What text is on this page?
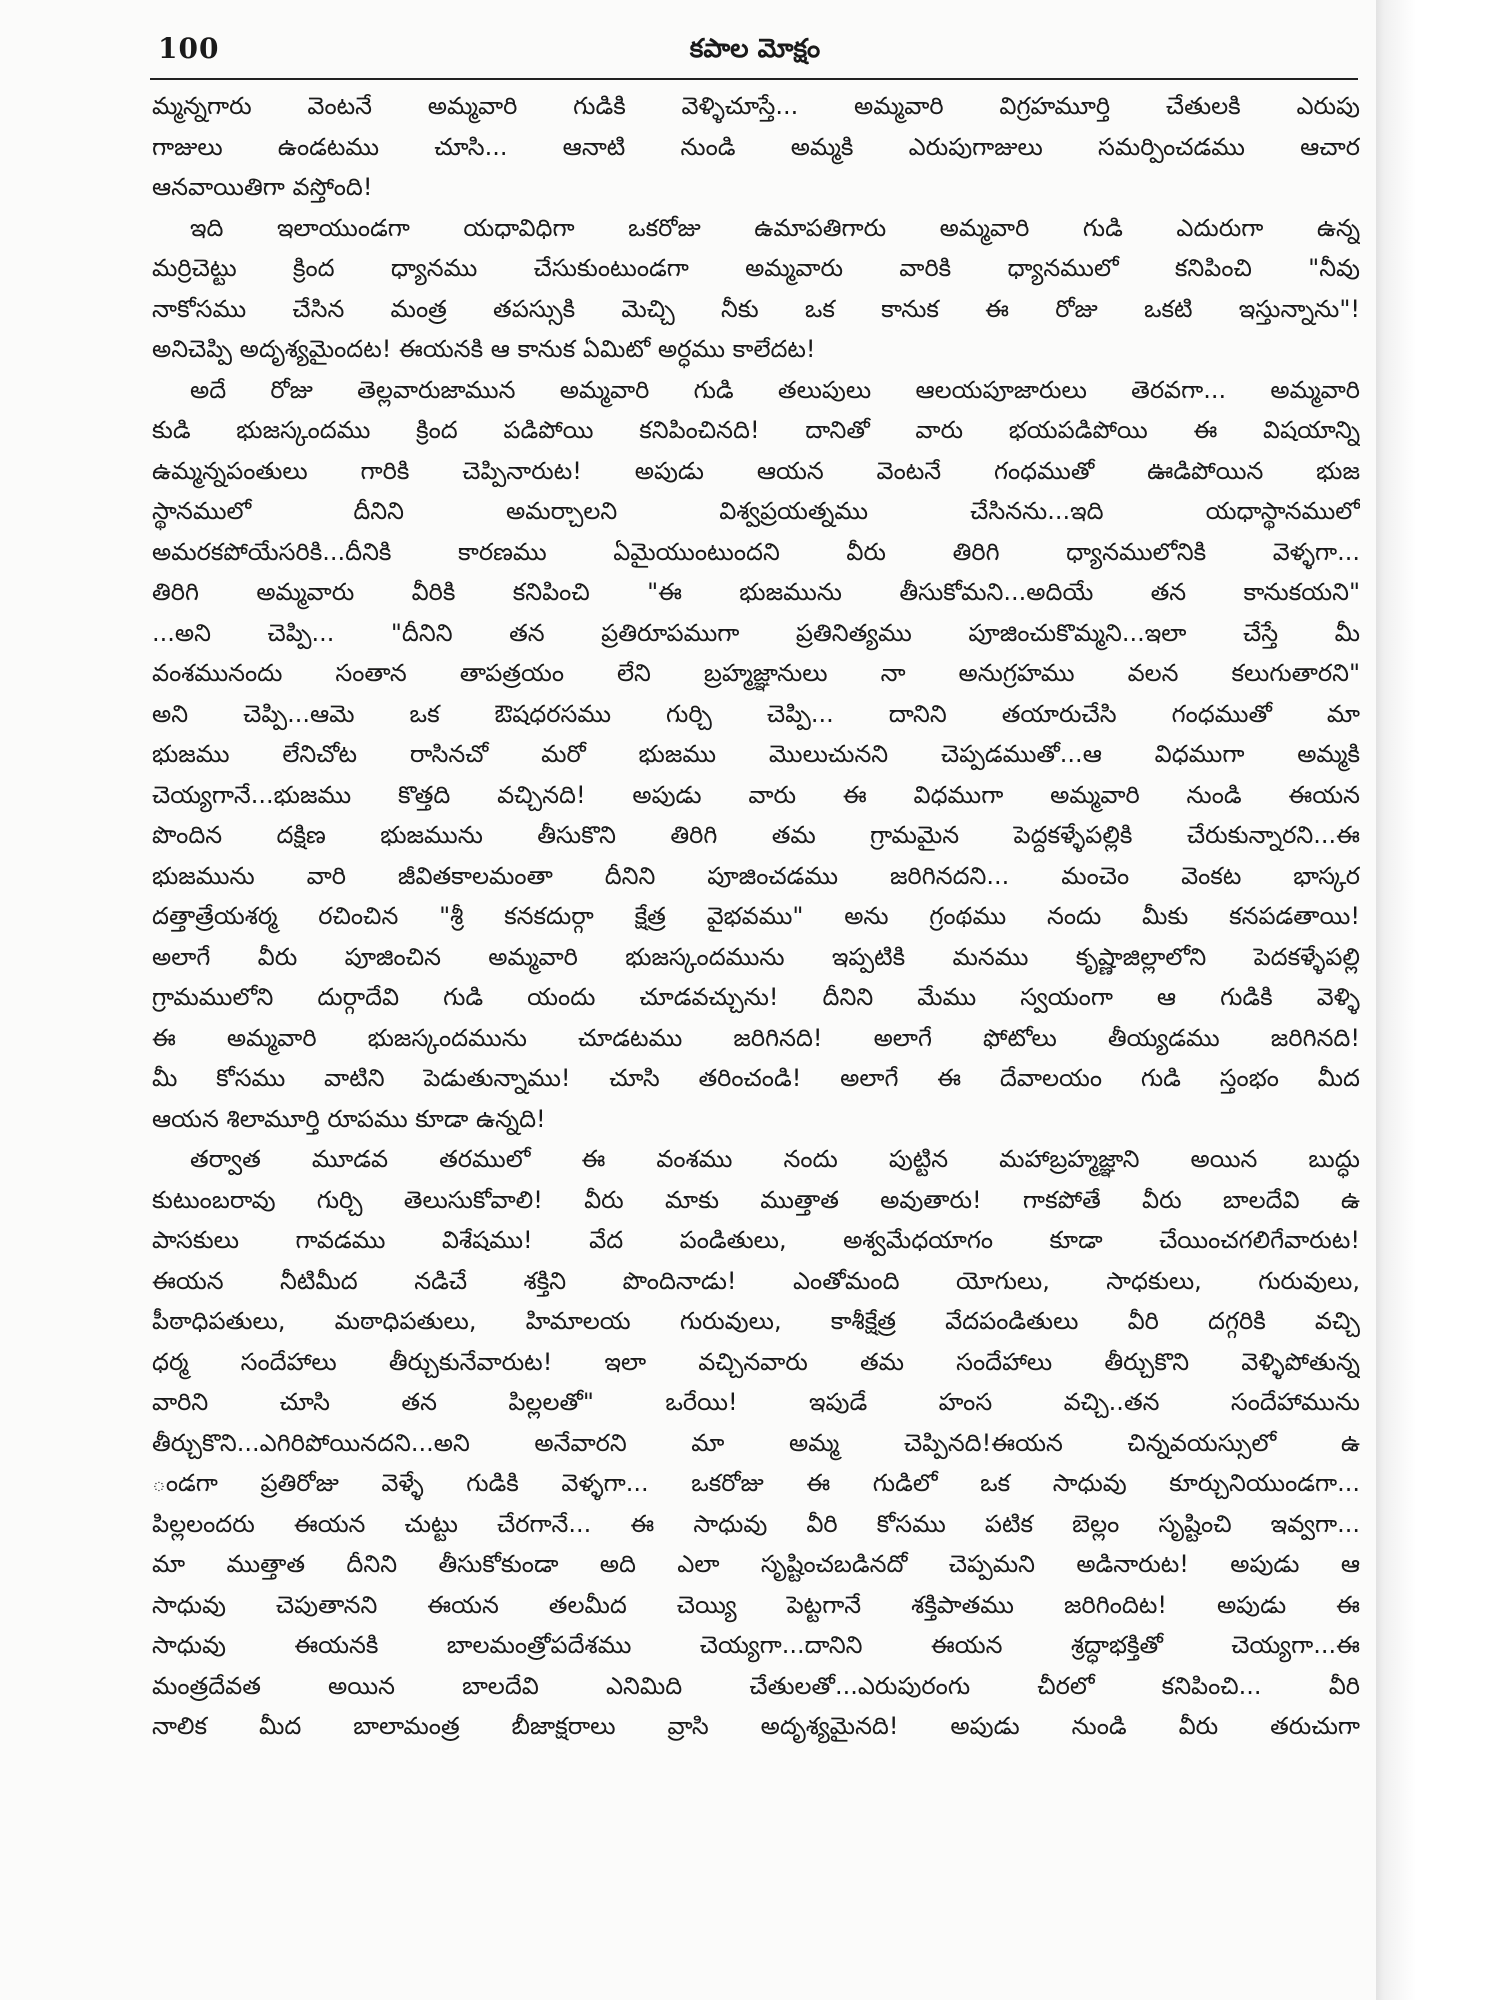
100	కపాల మోక్షం
మ్మన్నగారు వెంటనే అమ్మవారి గుడికి వెళ్ళిచూస్తే... అమ్మవారి విగ్రహమూర్తి చేతులకి ఎరుపు
గాజులు ఉండటము చూసి... ఆనాటి నుండి అమ్మకి ఎరుపుగాజులు సమర్పించడము ఆచార
ఆనవాయితిగా వస్తోంది!
ఇది ఇలాయుండగా యధావిధిగా ఒకరోజు ఉమాపతిగారు అమ్మవారి గుడి ఎదురుగా ఉన్న
మర్రిచెట్టు క్రింద ధ్యానము చేసుకుంటుండగా అమ్మవారు వారికి ధ్యానములో కనిపించి "నీవు
నాకోసము చేసిన మంత్ర తపస్సుకి మెచ్చి నీకు ఒక కానుక ఈ రోజు ఒకటి ఇస్తున్నాను"!
అనిచెప్పి అదృశ్యమైందట! ఈయనకి ఆ కానుక ఏమిటో అర్ధము కాలేదట!
అదే రోజు తెల్లవారుజామున అమ్మవారి గుడి తలుపులు ఆలయపూజారులు తెరవగా... అమ్మవారి
కుడి భుజస్కందము క్రింద పడిపోయి కనిపించినది! దానితో వారు భయపడిపోయి ఈ విషయాన్ని
ఉమ్మన్నపంతులు గారికి చెప్పినారుట! అపుడు ఆయన వెంటనే గంధముతో ఊడిపోయిన భుజ
స్థానములో దీనిని అమర్చాలని విశ్వప్రయత్నము చేసినను...ఇది యధాస్థానములో
అమరకపోయేసరికి...దీనికి కారణము ఏమైయుంటుందని వీరు తిరిగి ధ్యానములోనికి వెళ్ళగా...
తిరిగి అమ్మవారు వీరికి కనిపించి "ఈ భుజమును తీసుకోమని...అదియే తన కానుకయని"
...అని చెప్పి... "దీనిని తన ప్రతిరూపముగా ప్రతినిత్యము పూజించుకొమ్మని...ఇలా చేస్తే మీ
వంశమునందు సంతాన తాపత్రయం లేని బ్రహ్మజ్ఞానులు నా అనుగ్రహము వలన కలుగుతారని"
అని చెప్పి...ఆమె ఒక ఔషధరసము గుర్చి చెప్పి... దానిని తయారుచేసి గంధముతో మా
భుజము లేనిచోట రాసినచో మరో భుజము మొలుచునని చెప్పడముతో...ఆ విధముగా అమ్మకి
చెయ్యగానే...భుజము కొత్తది వచ్చినది! అపుడు వారు ఈ విధముగా అమ్మవారి నుండి ఈయన
పొందిన దక్షిణ భుజమును తీసుకొని తిరిగి తమ గ్రామమైన పెద్దకళ్ళేపల్లికి చేరుకున్నారని...ఈ
భుజమును వారి జీవితకాలమంతా దీనిని పూజించడము జరిగినదని... మంచెం వెంకట భాస్కర
దత్తాత్రేయశర్మ రచించిన "శ్రీ కనకదుర్గా క్షేత్ర వైభవము" అను గ్రంథము నందు మీకు కనపడతాయి!
అలాగే వీరు పూజించిన అమ్మవారి భుజస్కందమును ఇప్పటికి మనము కృష్ణాజిల్లాలోని పెదకళ్ళేపల్లి
గ్రామములోని దుర్గాదేవి గుడి యందు చూడవచ్చును! దీనిని మేము స్వయంగా ఆ గుడికి వెళ్ళి
ఈ అమ్మవారి భుజస్కందమును చూడటము జరిగినది! అలాగే ఫోటోలు తీయ్యడము జరిగినది!
మీ కోసము వాటిని పెడుతున్నాము! చూసి తరించండి! అలాగే ఈ దేవాలయం గుడి స్తంభం మీద
ఆయన శిలామూర్తి రూపము కూడా ఉన్నది!
తర్వాత మూడవ తరములో ఈ వంశము నందు పుట్టిన మహాబ్రహ్మజ్ఞాని అయిన బుద్ధు
కుటుంబరావు గుర్చి తెలుసుకోవాలి! వీరు మాకు ముత్తాత అవుతారు! గాకపోతే వీరు బాలదేవి ఉ
పాసకులు గావడము విశేషము! వేద పండితులు, అశ్వమేధయాగం కూడా చేయించగలిగేవారుట!
ఈయన నీటిమీద నడిచే శక్తిని పొందినాడు! ఎంతోమంది యోగులు, సాధకులు, గురువులు,
పీఠాధిపతులు, మఠాధిపతులు, హిమాలయ గురువులు, కాశీక్షేత్ర వేదపండితులు వీరి దగ్గరికి వచ్చి
ధర్మ సందేహాలు తీర్చుకునేవారుట! ఇలా వచ్చినవారు తమ సందేహాలు తీర్చుకొని వెళ్ళిపోతున్న
వారిని చూసి తన పిల్లలతో" ఒరేయి! ఇపుడే హంస వచ్చి..తన సందేహామును
తీర్చుకొని...ఎగిరిపోయినదని...అని అనేవారని మా అమ్మ చెప్పినది!ఈయన చిన్నవయస్సులో ఉ
ండగా ప్రతిరోజు వెళ్ళే గుడికి వెళ్ళగా... ఒకరోజు ఈ గుడిలో ఒక సాధువు కూర్చునియుండగా...
పిల్లలందరు ఈయన చుట్టు చేరగానే... ఈ సాధువు వీరి కోసము పటిక బెల్లం సృష్టించి ఇవ్వగా...
మా ముత్తాత దీనిని తీసుకోకుండా అది ఎలా సృష్టించబడినదో చెప్పమని అడినారుట! అపుడు ఆ
సాధువు చెపుతానని ఈయన తలమీద చెయ్యి పెట్టగానే శక్తిపాతము జరిగిందిట! అపుడు ఈ
సాధువు ఈయనకి బాలమంత్రోపదేశము చెయ్యగా...దానిని ఈయన శ్రద్ధాభక్తితో చెయ్యగా...ఈ
మంత్రదేవత అయిన బాలదేవి ఎనిమిది చేతులతో...ఎరుపురంగు చీరలో కనిపించి... వీరి
నాలిక మీద బాలామంత్ర బీజాక్షరాలు వ్రాసి అదృశ్యమైనది! అపుడు నుండి వీరు తరుచుగా
